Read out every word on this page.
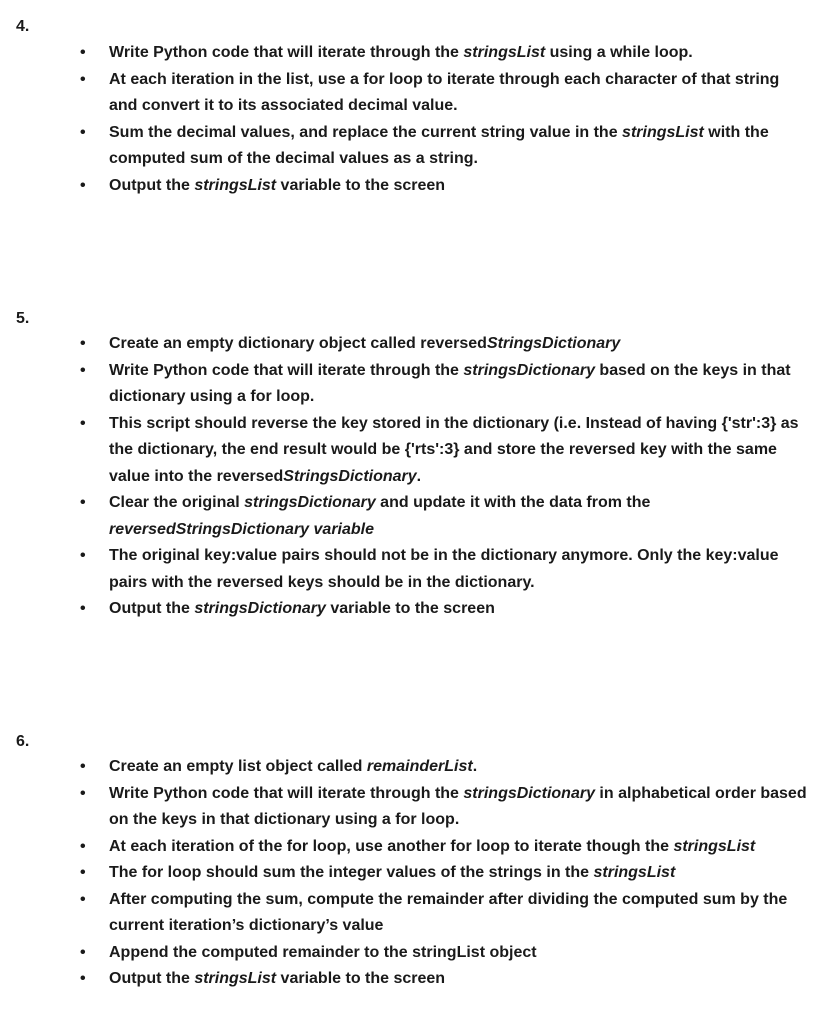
4.
• Write Python code that will iterate through the stringsList using a while loop.
• At each iteration in the list, use a for loop to iterate through each character of that string and convert it to its associated decimal value.
• Sum the decimal values, and replace the current string value in the stringsList with the computed sum of the decimal values as a string.
• Output the stringsList variable to the screen
5.
• Create an empty dictionary object called reversedStringsDictionary
• Write Python code that will iterate through the stringsDictionary based on the keys in that dictionary using a for loop.
• This script should reverse the key stored in the dictionary (i.e. Instead of having {'str':3} as the dictionary, the end result would be {'rts':3} and store the reversed key with the same value into the reversedStringsDictionary.
• Clear the original stringsDictionary and update it with the data from the reversedStringsDictionary variable
• The original key:value pairs should not be in the dictionary anymore. Only the key:value pairs with the reversed keys should be in the dictionary.
• Output the stringsDictionary variable to the screen
6.
• Create an empty list object called remainderList.
• Write Python code that will iterate through the stringsDictionary in alphabetical order based on the keys in that dictionary using a for loop.
• At each iteration of the for loop, use another for loop to iterate though the stringsList
• The for loop should sum the integer values of the strings in the stringsList
• After computing the sum, compute the remainder after dividing the computed sum by the current iteration’s dictionary’s value
• Append the computed remainder to the stringList object
• Output the stringsList variable to the screen
